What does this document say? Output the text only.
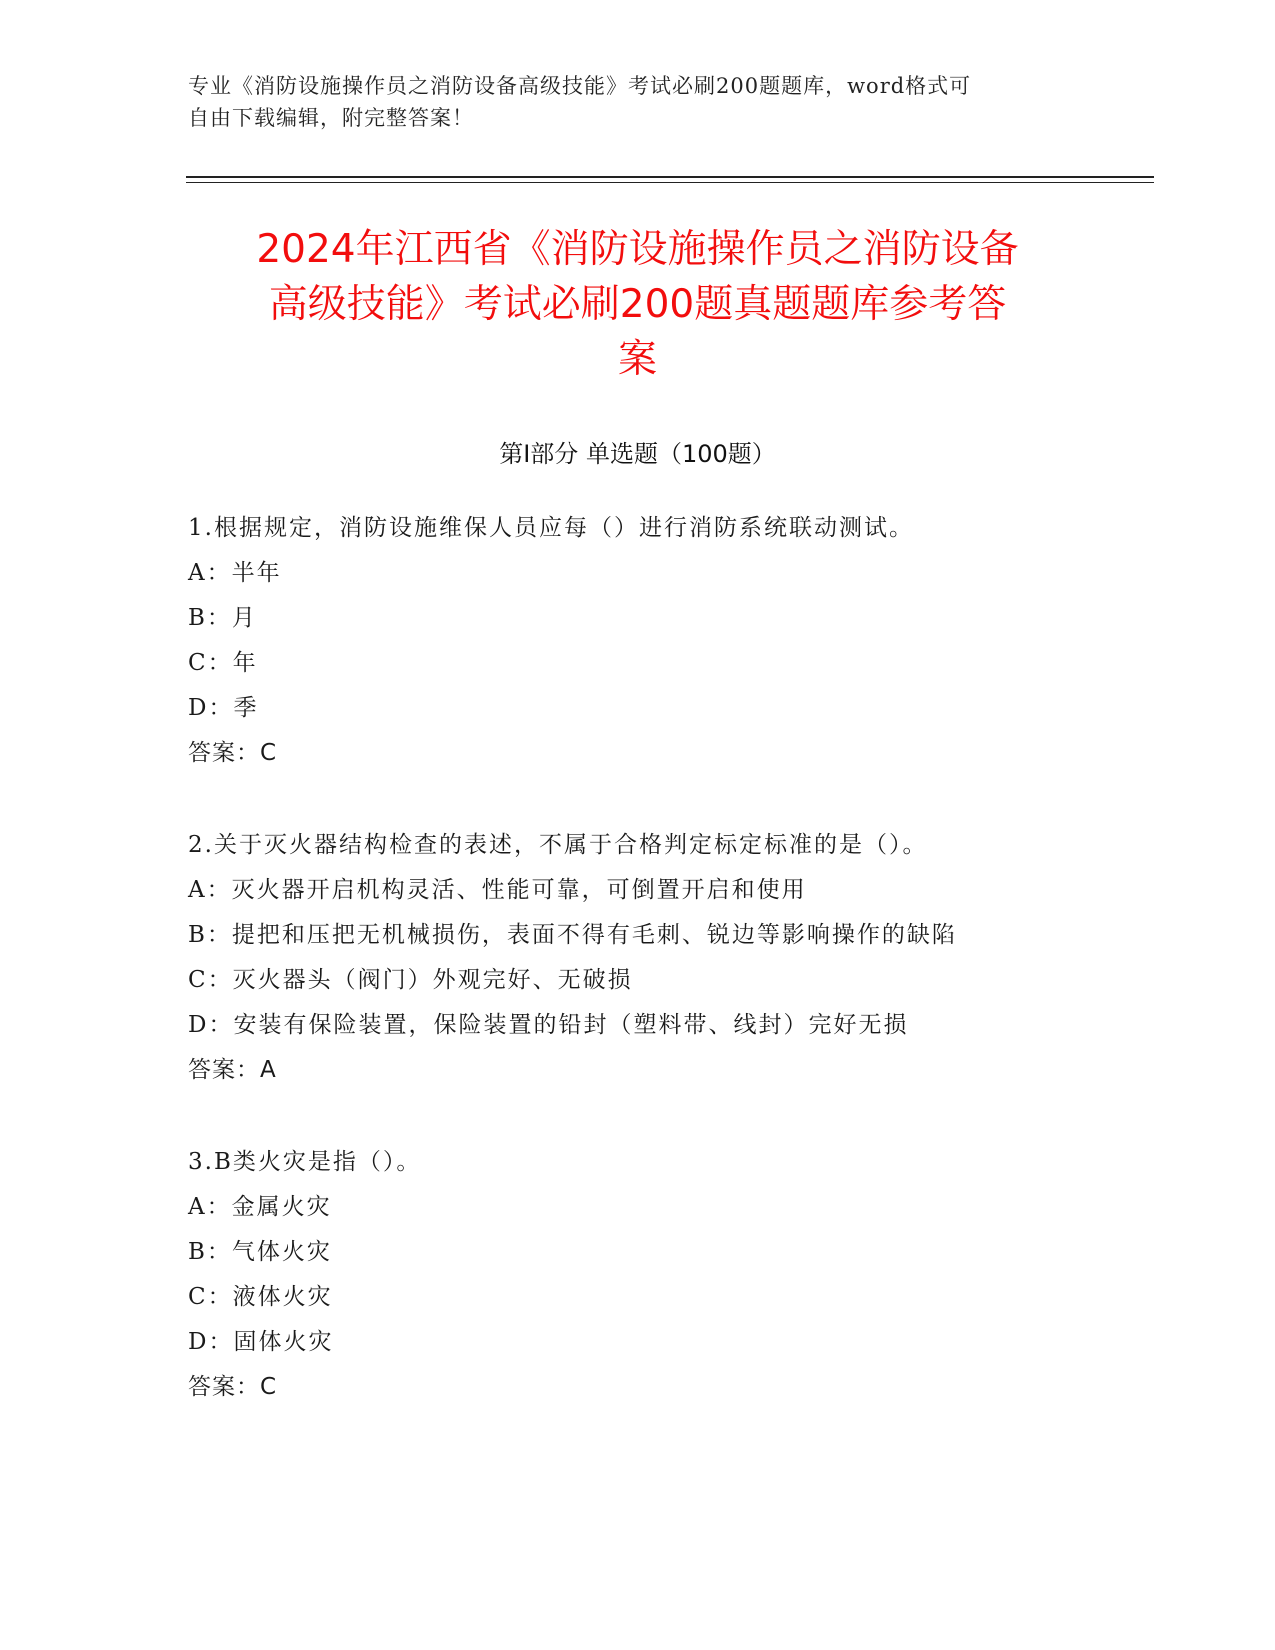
专业《消防设施操作员之消防设备高级技能》考试必刷200题题库，word格式可
自由下载编辑，附完整答案！
2024年江西省《消防设施操作员之消防设备
高级技能》考试必刷200题真题题库参考答
案
第I部分 单选题（100题）
1.根据规定，消防设施维保人员应每（）进行消防系统联动测试。
A：半年
B：月
C：年
D：季
答案：C
2.关于灭火器结构检查的表述，不属于合格判定标定标准的是（）。
A：灭火器开启机构灵活、性能可靠，可倒置开启和使用
B：提把和压把无机械损伤，表面不得有毛刺、锐边等影响操作的缺陷
C：灭火器头（阀门）外观完好、无破损
D：安装有保险装置，保险装置的铅封（塑料带、线封）完好无损
答案：A
3.B类火灾是指（）。
A：金属火灾
B：气体火灾
C：液体火灾
D：固体火灾
答案：C
